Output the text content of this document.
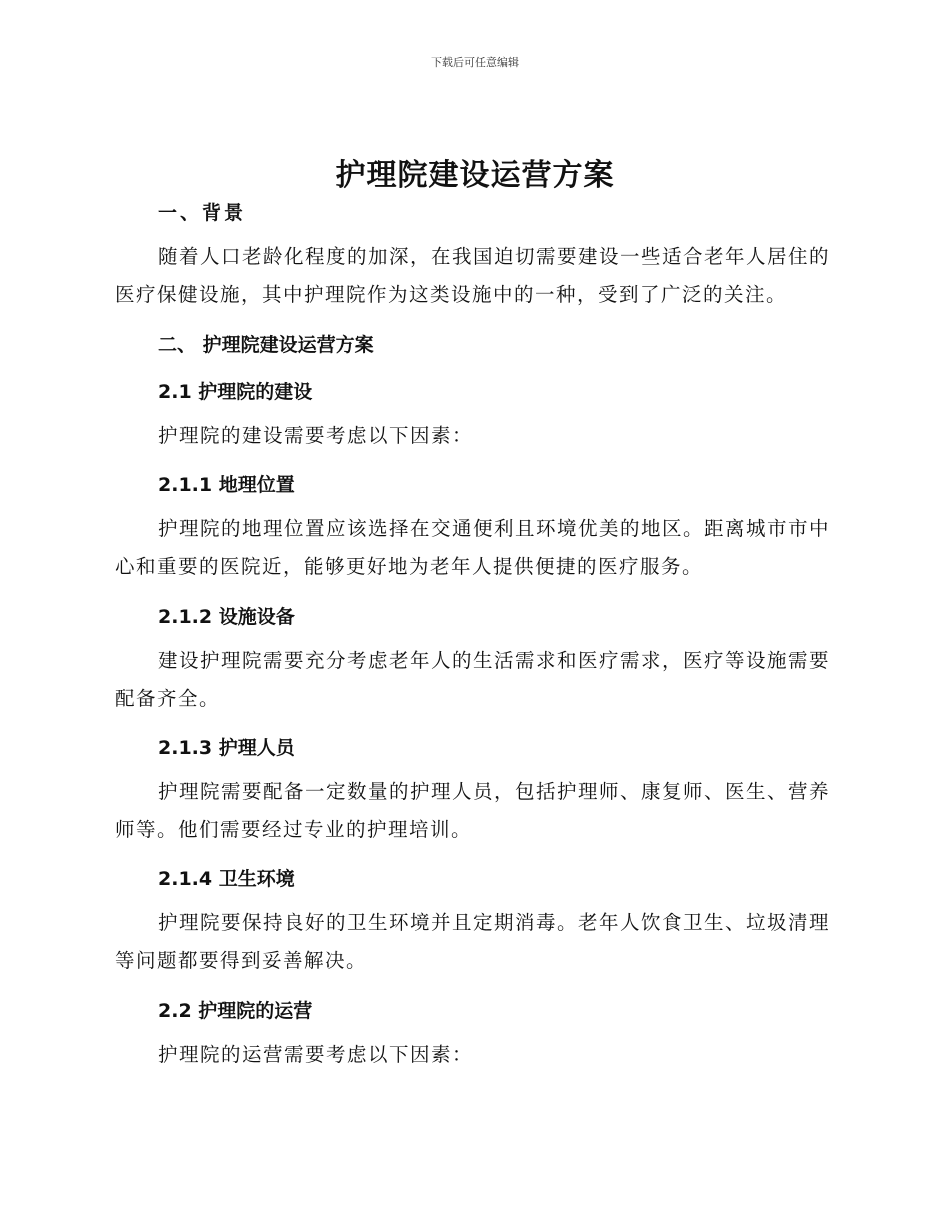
下载后可任意编辑
护理院建设运营方案
一、背景

随着人口老龄化程度的加深，在我国迫切需要建设一些适合老年人居住的医疗保健设施，其中护理院作为这类设施中的一种，受到了广泛的关注。

二、 护理院建设运营方案
2.1 护理院的建设

护理院的建设需要考虑以下因素：

2.1.1 地理位置

护理院的地理位置应该选择在交通便利且环境优美的地区。距离城市市中心和重要的医院近，能够更好地为老年人提供便捷的医疗服务。

2.1.2 设施设备

建设护理院需要充分考虑老年人的生活需求和医疗需求，医疗等设施需要配备齐全。

2.1.3 护理人员

护理院需要配备一定数量的护理人员，包括护理师、康复师、医生、营养师等。他们需要经过专业的护理培训。

2.1.4 卫生环境

护理院要保持良好的卫生环境并且定期消毒。老年人饮食卫生、垃圾清理等问题都要得到妥善解决。

2.2 护理院的运营

护理院的运营需要考虑以下因素：
